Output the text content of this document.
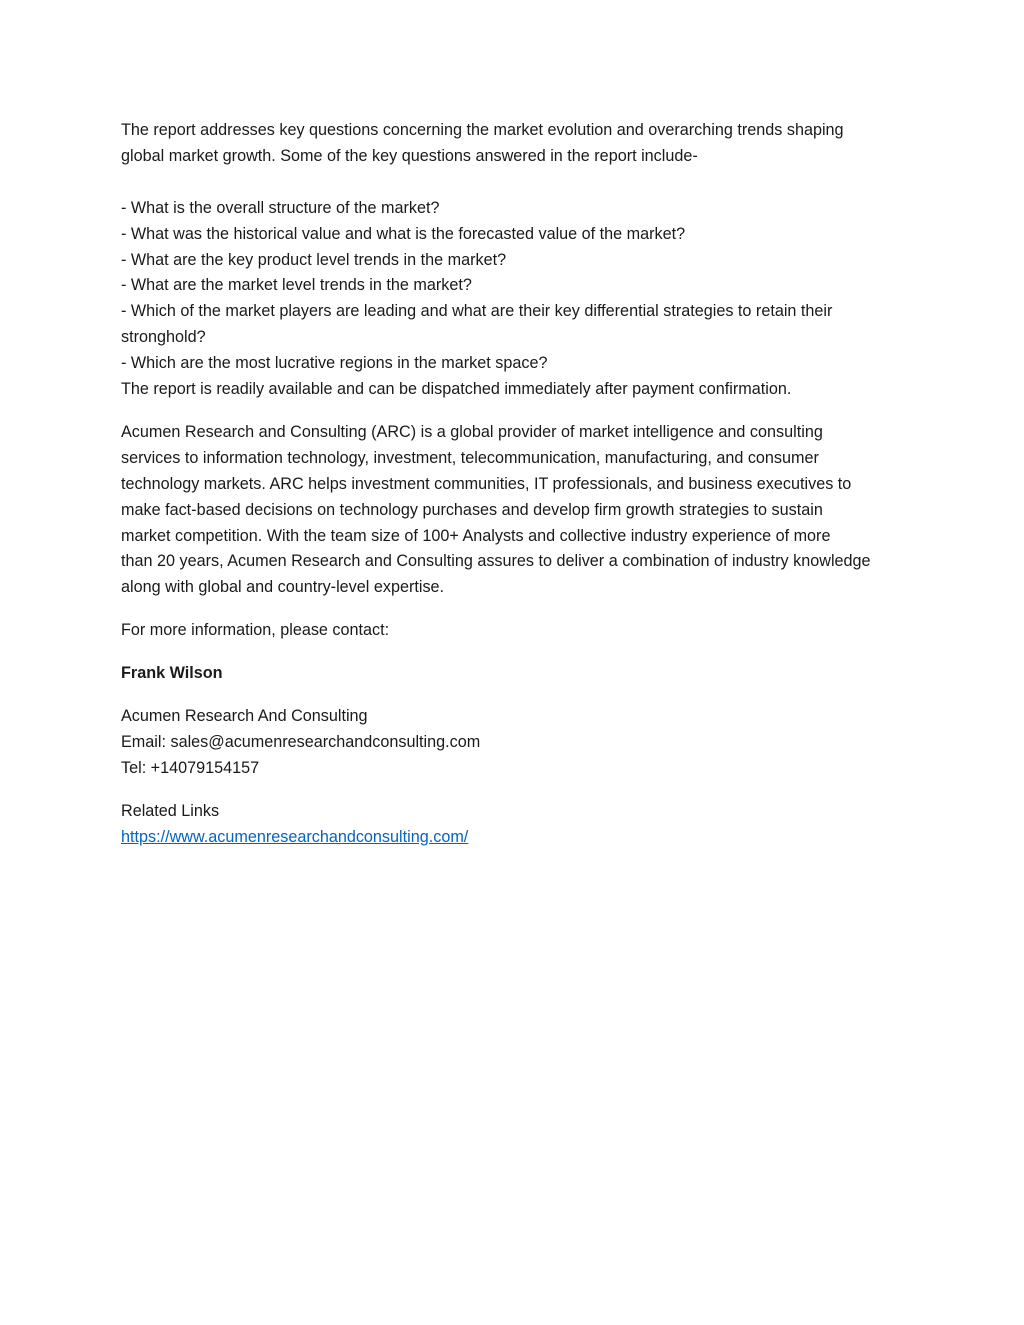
The report addresses key questions concerning the market evolution and overarching trends shaping
global market growth. Some of the key questions answered in the report include-
- What is the overall structure of the market?
- What was the historical value and what is the forecasted value of the market?
- What are the key product level trends in the market?
- What are the market level trends in the market?
- Which of the market players are leading and what are their key differential strategies to retain their
stronghold?
- Which are the most lucrative regions in the market space?
The report is readily available and can be dispatched immediately after payment confirmation.
Acumen Research and Consulting (ARC) is a global provider of market intelligence and consulting
services to information technology, investment, telecommunication, manufacturing, and consumer
technology markets. ARC helps investment communities, IT professionals, and business executives to
make fact-based decisions on technology purchases and develop firm growth strategies to sustain
market competition. With the team size of 100+ Analysts and collective industry experience of more
than 20 years, Acumen Research and Consulting assures to deliver a combination of industry knowledge
along with global and country-level expertise.
For more information, please contact:
Frank Wilson
Acumen Research And Consulting
Email: sales@acumenresearchandconsulting.com
Tel: +14079154157
Related Links
https://www.acumenresearchandconsulting.com/
